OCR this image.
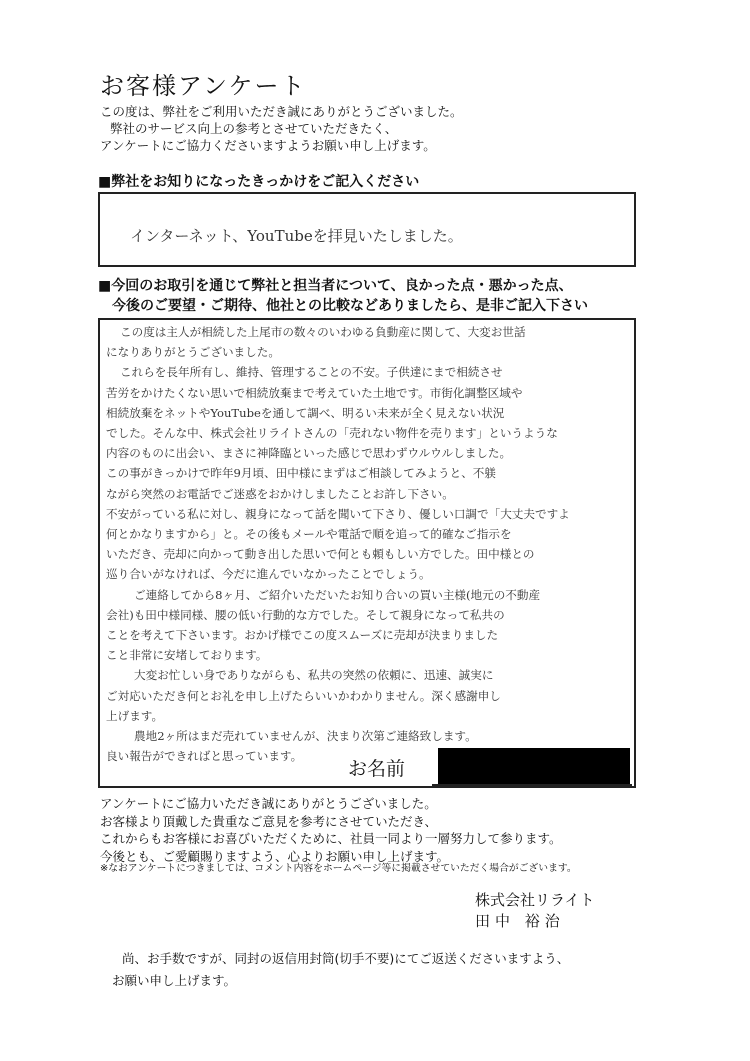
お客様アンケート
この度は、弊社をご利用いただき誠にありがとうございました。
弊社のサービス向上の参考とさせていただきたく、
アンケートにご協力くださいますようお願い申し上げます。
■弊社をお知りになったきっかけをご記入ください
インターネット、YouTubeを拝見いたしました。
■今回のお取引を通じて弊社と担当者について、良かった点・悪かった点、
今後のご要望・ご期待、他社との比較などありましたら、是非ご記入下さい
この度は主人が相続した上尾市の数々のいわゆる負動産に関して、大変お世話
になりありがとうございました。
これらを長年所有し、維持、管理することの不安。子供達にまで相続させ
苦労をかけたくない思いで相続放棄まで考えていた土地です。市街化調整区域や
相続放棄をネットやYouTubeを通して調べ、明るい未来が全く見えない状況
でした。そんな中、株式会社リライトさんの「売れない物件を売ります」というような
内容のものに出会い、まさに神降臨といった感じで思わずウルウルしました。
この事がきっかけで昨年9月頃、田中様にまずはご相談してみようと、不躾
ながら突然のお電話でご迷惑をおかけしましたことお許し下さい。
不安がっている私に対し、親身になって話を聞いて下さり、優しい口調で「大丈夫ですよ
何とかなりますから」と。その後もメールや電話で順を追って的確なご指示を
いただき、売却に向かって動き出した思いで何とも頼もしい方でした。田中様との
巡り合いがなければ、今だに進んでいなかったことでしょう。
ご連絡してから8ヶ月、ご紹介いただいたお知り合いの買い主様(地元の不動産
会社)も田中様同様、腰の低い行動的な方でした。そして親身になって私共の
ことを考えて下さいます。おかげ様でこの度スムーズに売却が決まりました
こと非常に安堵しております。
大変お忙しい身でありながらも、私共の突然の依頼に、迅速、誠実に
ご対応いただき何とお礼を申し上げたらいいかわかりません。深く感謝申し
上げます。
農地2ヶ所はまだ売れていませんが、決まり次第ご連絡致します。
良い報告ができればと思っています。
お名前
アンケートにご協力いただき誠にありがとうございました。
お客様より頂戴した貴重なご意見を参考にさせていただき、
これからもお客様にお喜びいただくために、社員一同より一層努力して参ります。
今後とも、ご愛顧賜りますよう、心よりお願い申し上げます。
※なおアンケートにつきましては、コメント内容をホームページ等に掲載させていただく場合がございます。
株式会社リライト
田中 裕治
尚、お手数ですが、同封の返信用封筒(切手不要)にてご返送くださいますよう、
お願い申し上げます。
